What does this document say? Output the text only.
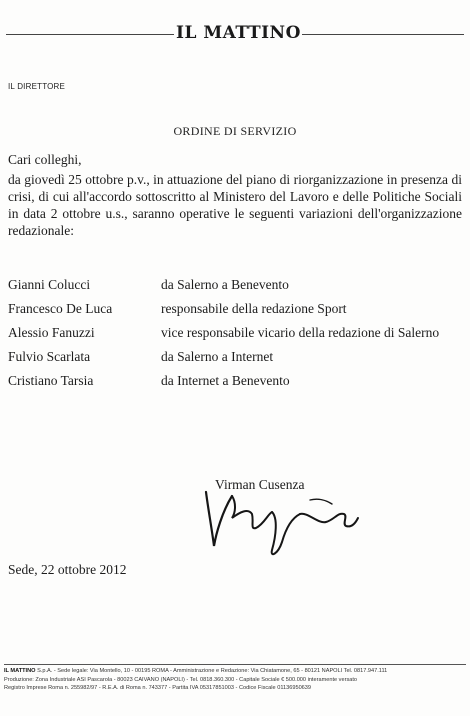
IL MATTINO
IL DIRETTORE
ORDINE DI SERVIZIO
Cari colleghi,
da giovedì 25 ottobre p.v., in attuazione del piano di riorganizzazione in presenza di crisi, di cui all'accordo sottoscritto al Ministero del Lavoro e delle Politiche Sociali in data 2 ottobre u.s., saranno operative le seguenti variazioni dell'organizzazione redazionale:
Gianni Colucci	da Salerno a Benevento
Francesco De Luca	responsabile della redazione Sport
Alessio Fanuzzi	vice responsabile vicario della redazione di Salerno
Fulvio Scarlata	da Salerno a Internet
Cristiano Tarsia	da Internet a Benevento
Virman Cusenza
Sede, 22 ottobre 2012
IL MATTINO S.p.A. - Sede legale: Via Montello, 10 - 00195 ROMA - Amministrazione e Redazione: Via Chiatamone, 65 - 80121 NAPOLI Tel. 0817.947.111
Produzione: Zona Industriale ASI Pascarola - 80023 CAIVANO (NAPOLI) - Tel. 0818.360.300 - Capitale Sociale € 500.000 interamente versato
Registro Imprese Roma n. 255982/97 - R.E.A. di Roma n. 743377 - Partita IVA 05317851003 - Codice Fiscale 01136950639
